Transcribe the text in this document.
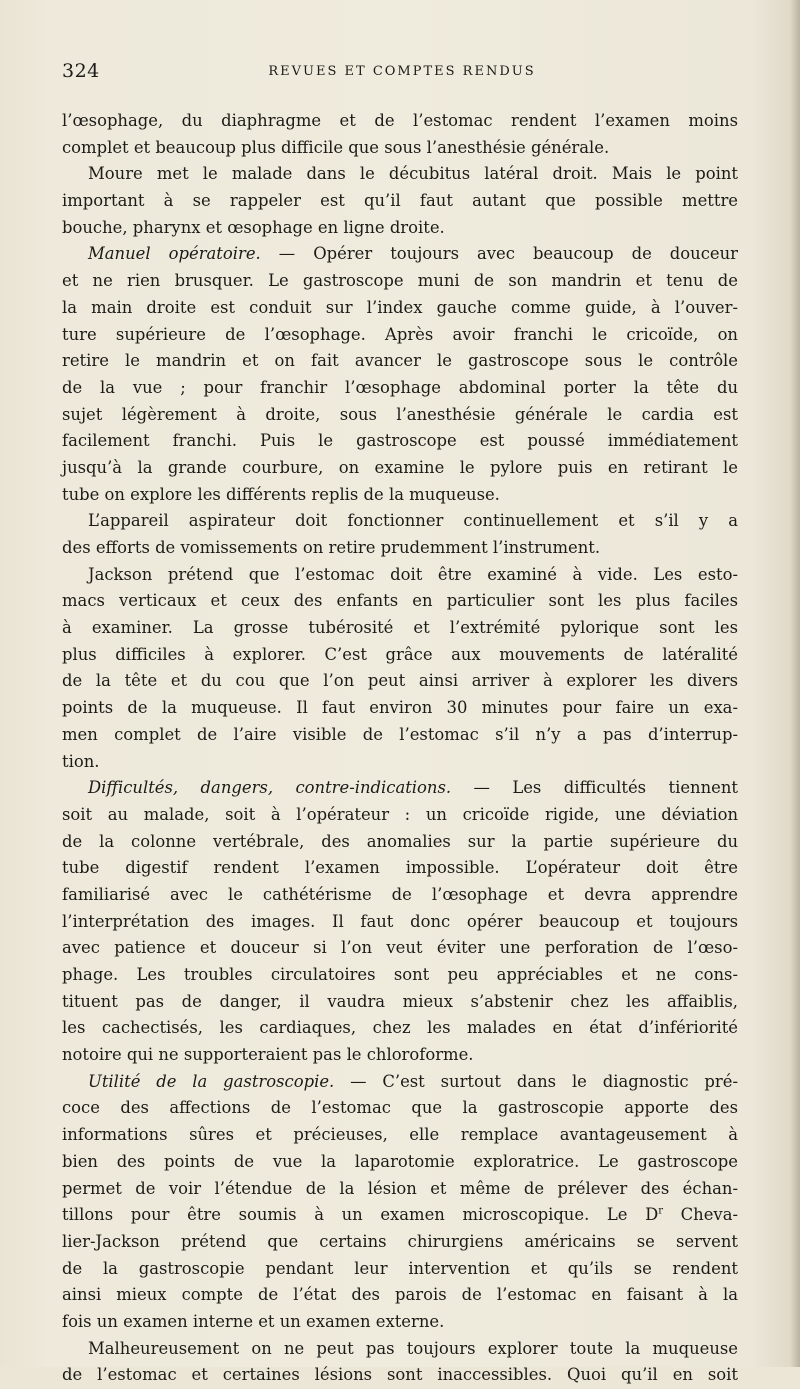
324	REVUES ET COMPTES RENDUS
l’œsophage, du diaphragme et de l’estomac rendent l’examen moins
complet et beaucoup plus difficile que sous l’anesthésie générale.
Moure met le malade dans le décubitus latéral droit. Mais le point
important à se rappeler est qu’il faut autant que possible mettre
bouche, pharynx et œsophage en ligne droite.
Manuel opératoire. — Opérer toujours avec beaucoup de douceur
et ne rien brusquer. Le gastroscope muni de son mandrin et tenu de
la main droite est conduit sur l’index gauche comme guide, à l’ouver-
ture supérieure de l’œsophage. Après avoir franchi le cricoïde, on
retire le mandrin et on fait avancer le gastroscope sous le contrôle
de la vue ; pour franchir l’œsophage abdominal porter la tête du
sujet légèrement à droite, sous l’anesthésie générale le cardia est
facilement franchi. Puis le gastroscope est poussé immédiatement
jusqu’à la grande courbure, on examine le pylore puis en retirant le
tube on explore les différents replis de la muqueuse.
L’appareil aspirateur doit fonctionner continuellement et s’il y a
des efforts de vomissements on retire prudemment l’instrument.
Jackson prétend que l’estomac doit être examiné à vide. Les esto-
macs verticaux et ceux des enfants en particulier sont les plus faciles
à examiner. La grosse tubérosité et l’extrémité pylorique sont les
plus difficiles à explorer. C’est grâce aux mouvements de latéralité
de la tête et du cou que l’on peut ainsi arriver à explorer les divers
points de la muqueuse. Il faut environ 30 minutes pour faire un exa-
men complet de l’aire visible de l’estomac s’il n’y a pas d’interrup-
tion.
Difficultés, dangers, contre-indications. — Les difficultés tiennent
soit au malade, soit à l’opérateur : un cricoïde rigide, une déviation
de la colonne vertébrale, des anomalies sur la partie supérieure du
tube digestif rendent l’examen impossible. L’opérateur doit être
familiarisé avec le cathétérisme de l’œsophage et devra apprendre
l’interprétation des images. Il faut donc opérer beaucoup et toujours
avec patience et douceur si l’on veut éviter une perforation de l’œso-
phage. Les troubles circulatoires sont peu appréciables et ne cons-
tituent pas de danger, il vaudra mieux s’abstenir chez les affaiblis,
les cachectisés, les cardiaques, chez les malades en état d’infériorité
notoire qui ne supporteraient pas le chloroforme.
Utilité de la gastroscopie. — C’est surtout dans le diagnostic pré-
coce des affections de l’estomac que la gastroscopie apporte des
informations sûres et précieuses, elle remplace avantageusement à
bien des points de vue la laparotomie exploratrice. Le gastroscope
permet de voir l’étendue de la lésion et même de prélever des échan-
tillons pour être soumis à un examen microscopique. Le $D^r$ Cheva-
lier-Jackson prétend que certains chirurgiens américains se servent
de la gastroscopie pendant leur intervention et qu’ils se rendent
ainsi mieux compte de l’état des parois de l’estomac en faisant à la
fois un examen interne et un examen externe.
Malheureusement on ne peut pas toujours explorer toute la muqueuse
de l’estomac et certaines lésions sont inaccessibles. Quoi qu’il en soit
